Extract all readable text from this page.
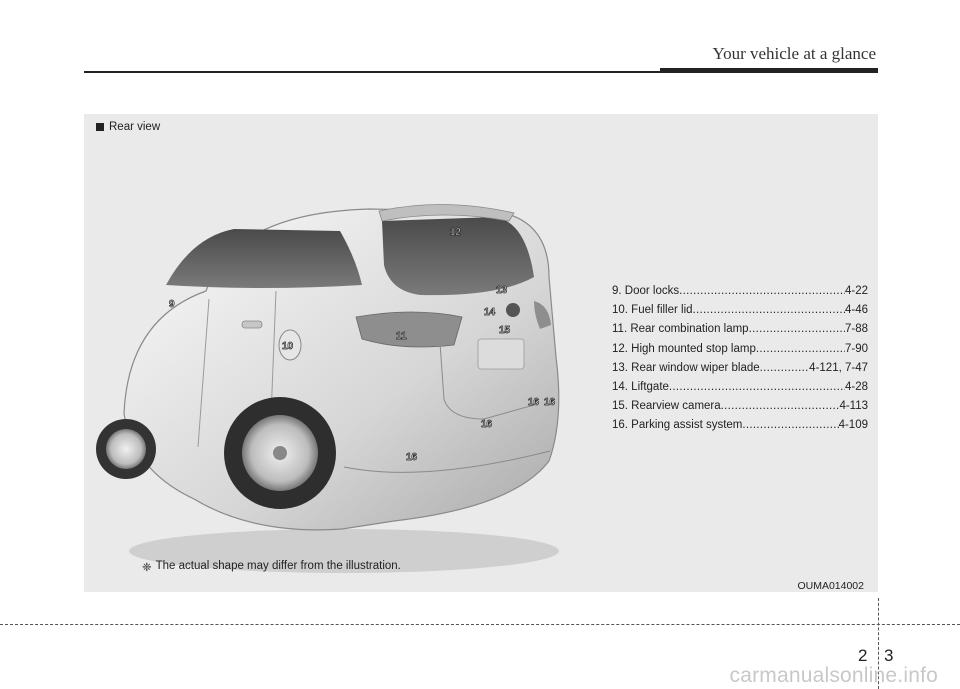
Your vehicle at a glance
Rear view
9
10
11
12
13
14
15
16 16
16
16
9. Door locks .....	4-22
10. Fuel filler lid .....	4-46
11. Rear combination lamp .....	7-88
12. High mounted stop lamp .....	7-90
13. Rear window wiper blade .....	4-121, 7-47
14. Liftgate .....	4-28
15. Rearview camera .....	4-113
16. Parking assist system .....	4-109
❈ The actual shape may differ from the illustration.
OUMA014002
2 3
carmanualsonline.info
